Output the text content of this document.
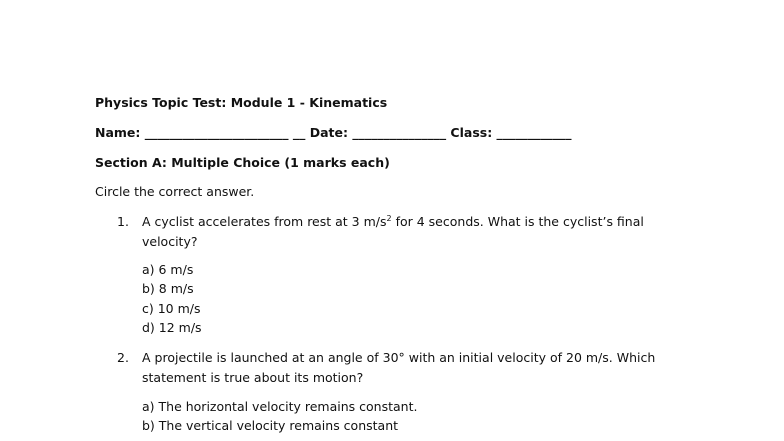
Physics Topic Test: Module 1 - Kinematics
Name: _______________________ __ Date: _______________ Class: ____________
Section A: Multiple Choice (1 marks each)
Circle the correct answer.
1. A cyclist accelerates from rest at 3 $m/s^2$ for 4 seconds. What is the cyclist’s final
velocity?
a) 6 m/s
b) 8 m/s
c) 10 m/s
d) 12 m/s
2. A projectile is launched at an angle of 30° with an initial velocity of 20 m/s. Which
statement is true about its motion?
a) The horizontal velocity remains constant.
b) The vertical velocity remains constant
